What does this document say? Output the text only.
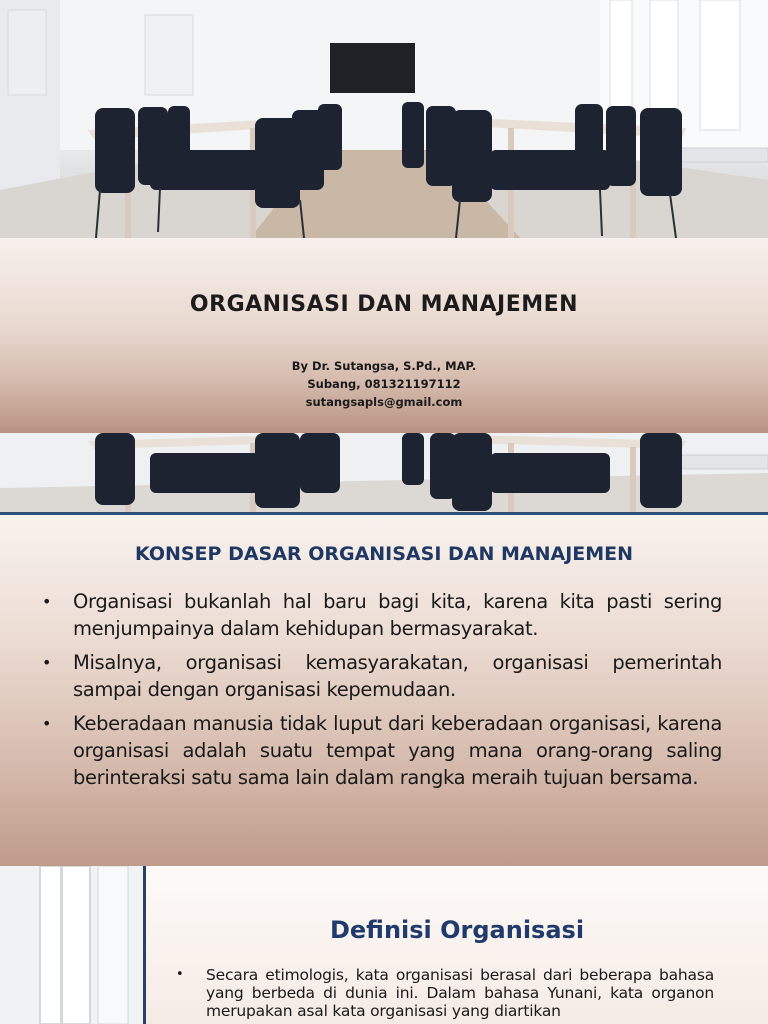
ORGANISASI DAN MANAJEMEN
By Dr. Sutangsa, S.Pd., MAP.
Subang, 081321197112
sutangsapls@gmail.com
KONSEP DASAR ORGANISASI DAN MANAJEMEN
• Organisasi bukanlah hal baru bagi kita, karena kita pasti sering menjumpainya dalam kehidupan bermasyarakat.
• Misalnya, organisasi kemasyarakatan, organisasi pemerintah sampai dengan organisasi kepemudaan.
• Keberadaan manusia tidak luput dari keberadaan organisasi, karena organisasi adalah suatu tempat yang mana orang-orang saling berinteraksi satu sama lain dalam rangka meraih tujuan bersama.
Definisi Organisasi
• Secara etimologis, kata organisasi berasal dari beberapa bahasa yang berbeda di dunia ini. Dalam bahasa Yunani, kata organon merupakan asal kata organisasi yang diartikan
